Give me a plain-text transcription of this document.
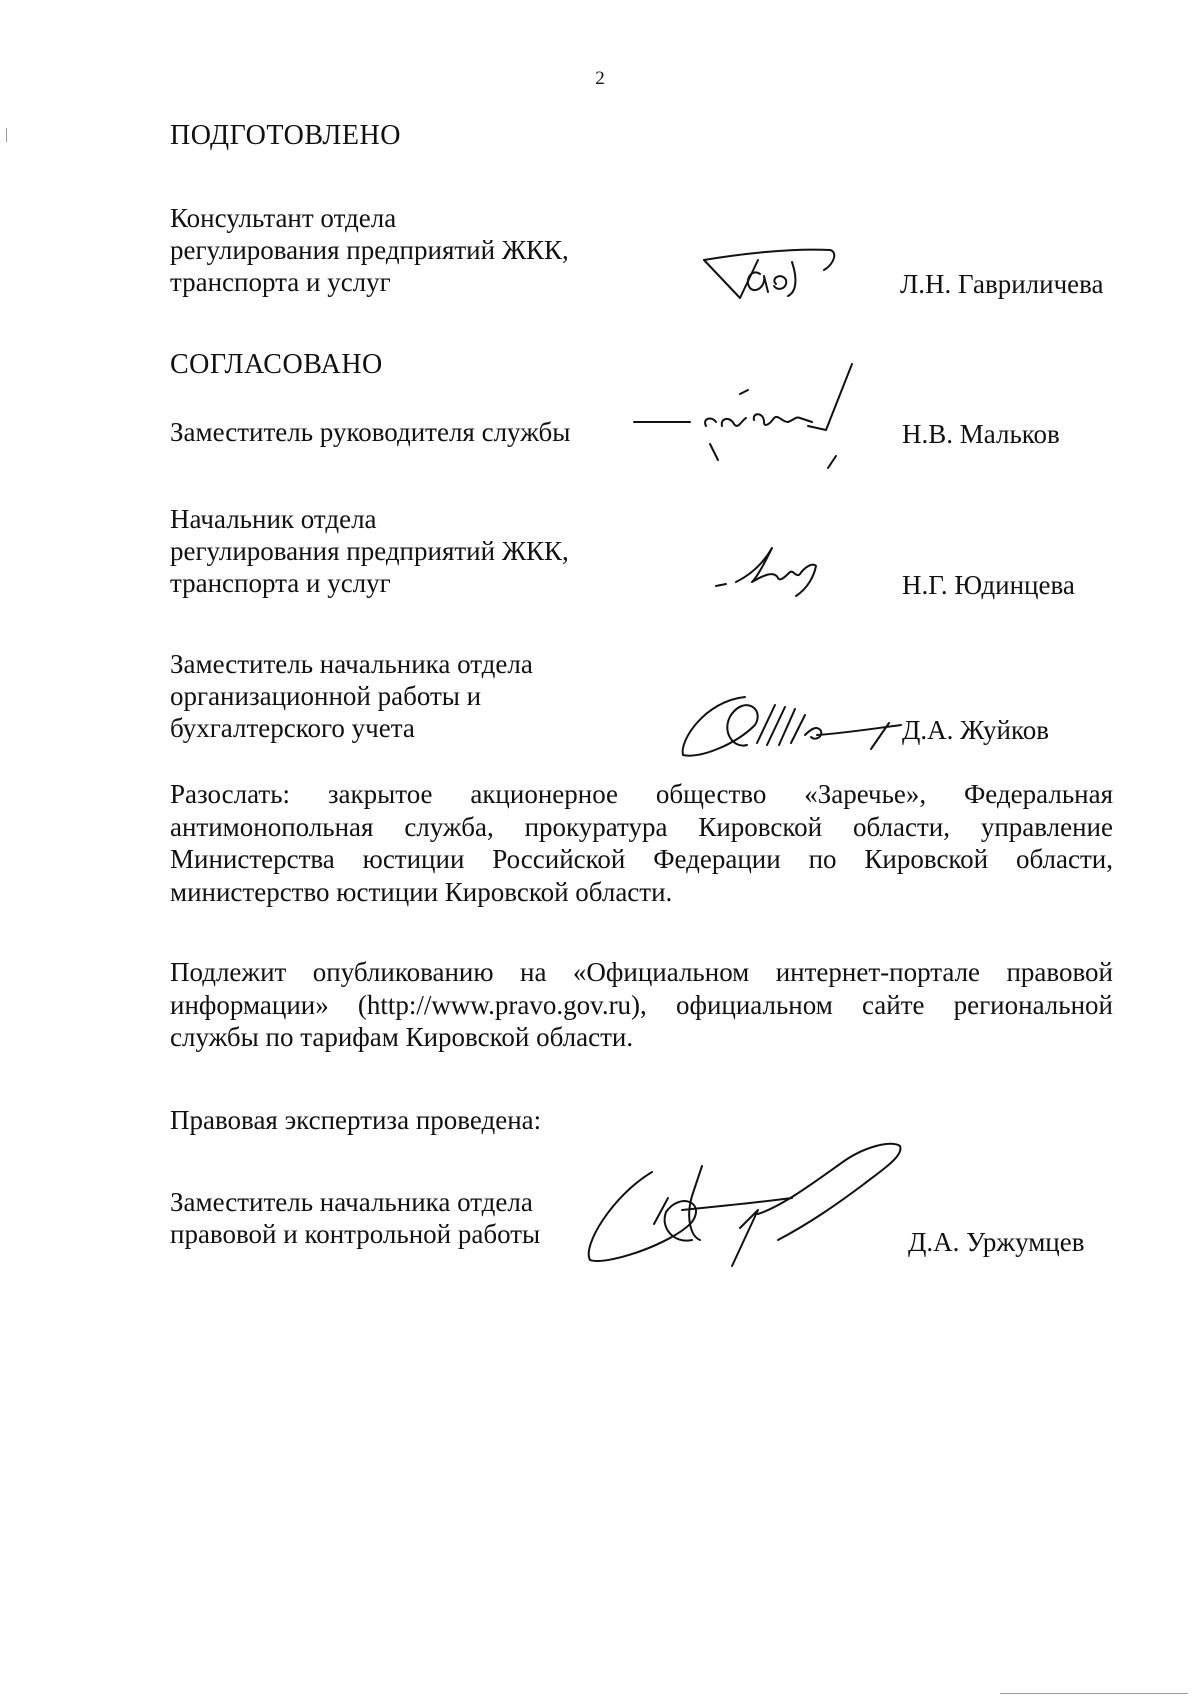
2
ПОДГОТОВЛЕНО
Консультант отдела
регулирования предприятий ЖКК,
транспорта и услуг	Л.Н. Гавриличева
СОГЛАСОВАНО
Заместитель руководителя службы	Н.В. Мальков
Начальник отдела
регулирования предприятий ЖКК,
транспорта и услуг	Н.Г. Юдинцева
Заместитель начальника отдела
организационной работы и
бухгалтерского учета	Д.А. Жуйков
Разослать: закрытое акционерное общество «Заречье», Федеральная антимонопольная служба, прокуратура Кировской области, управление Министерства юстиции Российской Федерации по Кировской области, министерство юстиции Кировской области.
Подлежит опубликованию на «Официальном интернет-портале правовой информации» (http://www.pravo.gov.ru), официальном сайте региональной службы по тарифам Кировской области.
Правовая экспертиза проведена:
Заместитель начальника отдела
правовой и контрольной работы	Д.А. Уржумцев
